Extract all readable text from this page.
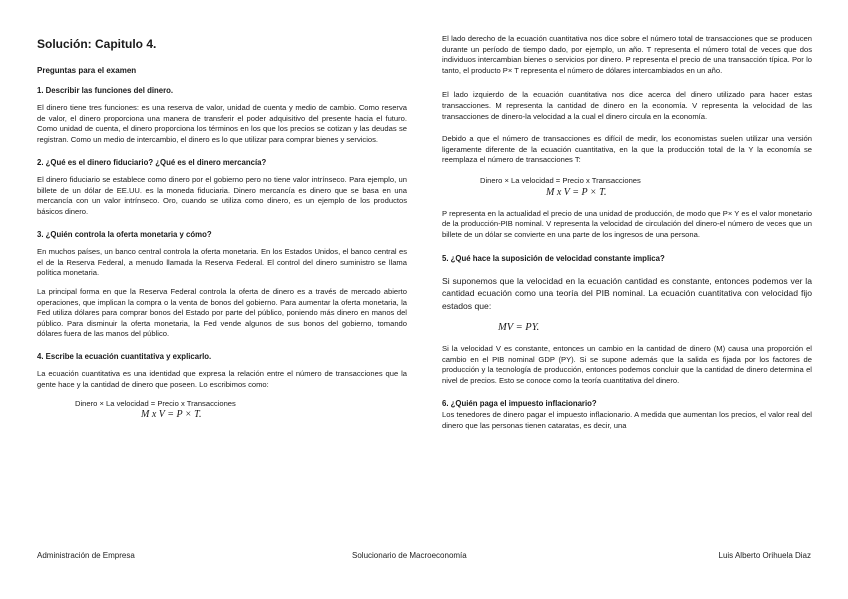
Solución: Capitulo 4.
Preguntas para el examen
1. Describir las funciones del dinero.

El dinero tiene tres funciones: es una reserva de valor, unidad de cuenta y medio de cambio. Como reserva de valor, el dinero proporciona una manera de transferir el poder adquisitivo del presente hacia el futuro. Como unidad de cuenta, el dinero proporciona los términos en los que los precios se cotizan y las deudas se registran. Como un medio de intercambio, el dinero es lo que utilizar para comprar bienes y servicios.

2. ¿Qué es el dinero fiduciario? ¿Qué es el dinero mercancía?

El dinero fiduciario se establece como dinero por el gobierno pero no tiene valor intrínseco. Para ejemplo, un billete de un dólar de EE.UU. es la moneda fiduciaria. Dinero mercancía es dinero que se basa en una mercancía con un valor intrínseco. Oro, cuando se utiliza como dinero, es un ejemplo de los productos básicos dinero.

3. ¿Quién controla la oferta monetaria y cómo?

En muchos países, un banco central controla la oferta monetaria. En los Estados Unidos, el banco central es el de la Reserva Federal, a menudo llamada la Reserva Federal. El control del dinero suministro se llama política monetaria.

La principal forma en que la Reserva Federal controla la oferta de dinero es a través de mercado abierto operaciones, que implican la compra o la venta de bonos del gobierno. Para aumentar la oferta monetaria, la Fed utiliza dólares para comprar bonos del Estado por parte del público, poniendo más dinero en manos del público. Para disminuir la oferta monetaria, la Fed vende algunos de sus bonos del gobierno, tomando dólares fuera de las manos del público.

4. Escribe la ecuación cuantitativa y explicarlo.

La ecuación cuantitativa es una identidad que expresa la relación entre el número de transacciones que la gente hace y la cantidad de dinero que poseen. Lo escribimos como:

Dinero × La velocidad = Precio x Transacciones
M x V = P × T.

El lado derecho de la ecuación cuantitativa nos dice sobre el número total de transacciones que se producen durante un período de tiempo dado, por ejemplo, un año. T representa el número total de veces que dos individuos intercambian bienes o servicios por dinero. P representa el precio de una transacción típica. Por lo tanto, el producto P× T representa el número de dólares intercambiados en un año.

El lado izquierdo de la ecuación cuantitativa nos dice acerca del dinero utilizado para hacer estas transacciones. M representa la cantidad de dinero en la economía. V representa la velocidad de las transacciones de dinero-la velocidad a la cual el dinero circula en la economía.

Debido a que el número de transacciones es difícil de medir, los economistas suelen utilizar una versión ligeramente diferente de la ecuación cuantitativa, en la que la producción total de la Y la economía se reemplaza el número de transacciones T:

Dinero × La velocidad = Precio x Transacciones
M x V = P × T.

P representa en la actualidad el precio de una unidad de producción, de modo que P× Y es el valor monetario de la producción-PIB nominal. V representa la velocidad de circulación del dinero-el número de veces que un billete de un dólar se convierte en una parte de los ingresos de una persona.

5. ¿Qué hace la suposición de velocidad constante implica?

Si suponemos que la velocidad en la ecuación cantidad es constante, entonces podemos ver la cantidad ecuación como una teoría del PIB nominal. La ecuación cuantitativa con velocidad fijo estados que:

MV = PY.

Si la velocidad V es constante, entonces un cambio en la cantidad de dinero (M) causa una proporción el cambio en el PIB nominal GDP (PY). Si se supone además que la salida es fijada por los factores de producción y la tecnología de producción, entonces podemos concluir que la cantidad de dinero determina el nivel de precios. Esto se conoce como la teoría cuantitativa del dinero.

6. ¿Quién paga el impuesto inflacionario?

Los tenedores de dinero pagar el impuesto inflacionario. A medida que aumentan los precios, el valor real del dinero que las personas tienen cataratas, es decir, una

Administración de Empresa	Solucionario de Macroeconomía	Luis Alberto Orihuela Diaz
